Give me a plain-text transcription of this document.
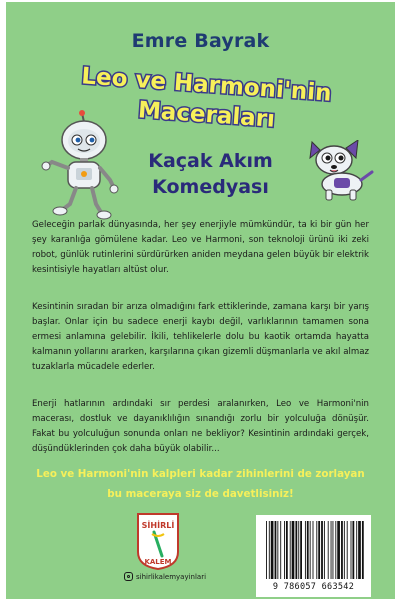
Emre Bayrak
Leo ve Harmoni'nin
Maceraları
Kaçak Akım
Komedyası

Geleceğin parlak dünyasında, her şey enerjiyle mümkündür, ta ki bir gün her şey karanlığa gömülene kadar. Leo ve Harmoni, son teknoloji ürünü iki zeki robot, günlük rutinlerini sürdürürken aniden meydana gelen büyük bir elektrik kesintisiyle hayatları altüst olur.

Kesintinin sıradan bir arıza olmadığını fark ettiklerinde, zamana karşı bir yarış başlar. Onlar için bu sadece enerji kaybı değil, varlıklarının tamamen sona ermesi anlamına gelebilir. İkili, tehlikelerle dolu bu kaotik ortamda hayatta kalmanın yollarını ararken, karşılarına çıkan gizemli düşmanlarla ve akıl almaz tuzaklarla mücadele ederler.

Enerji hatlarının ardındaki sır perdesi aralanırken, Leo ve Harmoni'nin macerası, dostluk ve dayanıklılığın sınandığı zorlu bir yolculuğa dönüşür. Fakat bu yolculuğun sonunda onları ne bekliyor? Kesintinin ardındaki gerçek, düşündüklerinden çok daha büyük olabilir...

Leo ve Harmoni'nin kalpleri kadar zihinlerini de zorlayan bu maceraya siz de davetlisiniz!

SİHİRLİ
KALEM
sihirlikalemyayinlari
9 786057 663542
